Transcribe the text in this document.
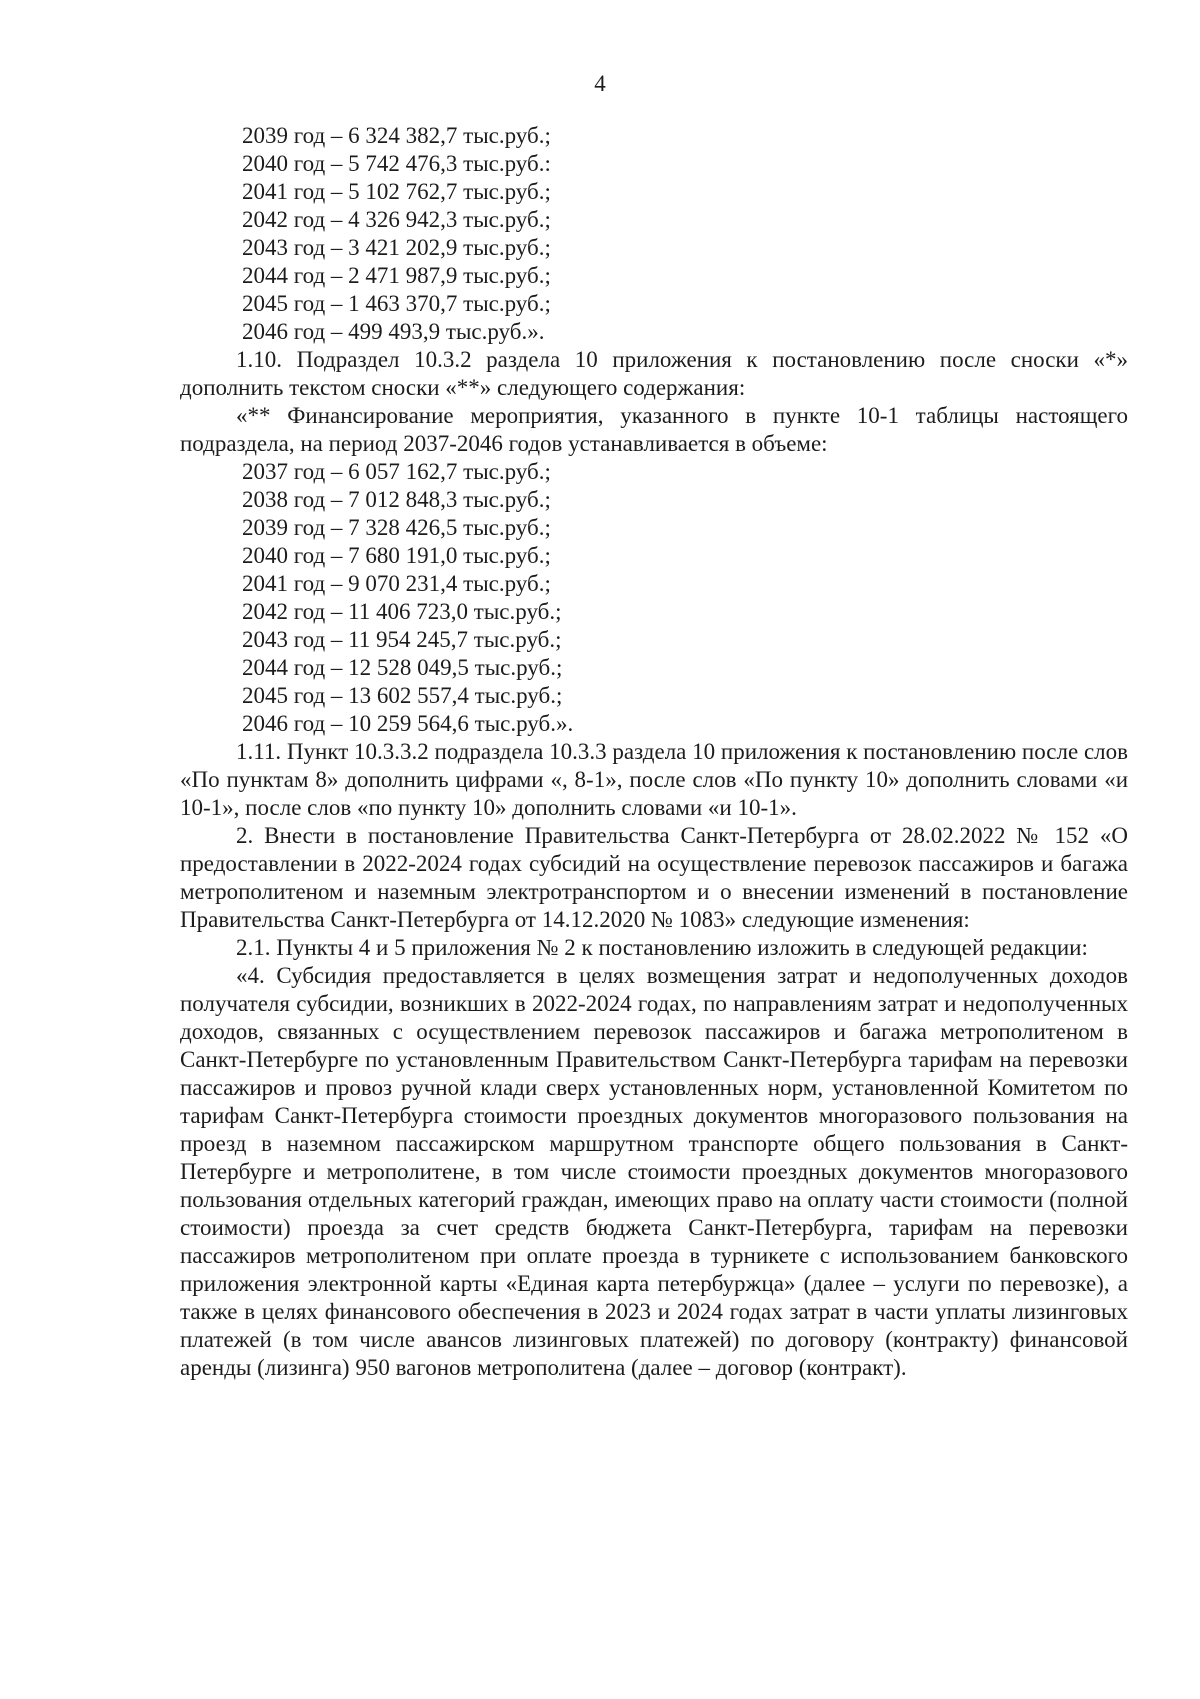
4
2039 год – 6 324 382,7 тыс.руб.;
2040 год – 5 742 476,3 тыс.руб.:
2041 год – 5 102 762,7 тыс.руб.;
2042 год – 4 326 942,3 тыс.руб.;
2043 год – 3 421 202,9 тыс.руб.;
2044 год – 2 471 987,9 тыс.руб.;
2045 год – 1 463 370,7 тыс.руб.;
2046 год – 499 493,9 тыс.руб.».

1.10. Подраздел 10.3.2 раздела 10 приложения к постановлению после сноски «*» дополнить текстом сноски «**» следующего содержания:

«** Финансирование мероприятия, указанного в пункте 10-1 таблицы настоящего подраздела, на период 2037-2046 годов устанавливается в объеме:

2037 год – 6 057 162,7 тыс.руб.;
2038 год – 7 012 848,3 тыс.руб.;
2039 год – 7 328 426,5 тыс.руб.;
2040 год – 7 680 191,0 тыс.руб.;
2041 год – 9 070 231,4 тыс.руб.;
2042 год – 11 406 723,0 тыс.руб.;
2043 год – 11 954 245,7 тыс.руб.;
2044 год – 12 528 049,5 тыс.руб.;
2045 год – 13 602 557,4 тыс.руб.;
2046 год – 10 259 564,6 тыс.руб.».

1.11. Пункт 10.3.3.2 подраздела 10.3.3 раздела 10 приложения к постановлению после слов «По пунктам 8» дополнить цифрами «, 8-1», после слов «По пункту 10» дополнить словами «и 10-1», после слов «по пункту 10» дополнить словами «и 10-1».

2. Внести в постановление Правительства Санкт-Петербурга от 28.02.2022 № 152 «О предоставлении в 2022-2024 годах субсидий на осуществление перевозок пассажиров и багажа метрополитеном и наземным электротранспортом и о внесении изменений в постановление Правительства Санкт-Петербурга от 14.12.2020 № 1083» следующие изменения:

2.1. Пункты 4 и 5 приложения № 2 к постановлению изложить в следующей редакции:

«4. Субсидия предоставляется в целях возмещения затрат и недополученных доходов получателя субсидии, возникших в 2022-2024 годах, по направлениям затрат и недополученных доходов, связанных с осуществлением перевозок пассажиров и багажа метрополитеном в Санкт-Петербурге по установленным Правительством Санкт-Петербурга тарифам на перевозки пассажиров и провоз ручной клади сверх установленных норм, установленной Комитетом по тарифам Санкт-Петербурга стоимости проездных документов многоразового пользования на проезд в наземном пассажирском маршрутном транспорте общего пользования в Санкт-Петербурге и метрополитене, в том числе стоимости проездных документов многоразового пользования отдельных категорий граждан, имеющих право на оплату части стоимости (полной стоимости) проезда за счет средств бюджета Санкт-Петербурга, тарифам на перевозки пассажиров метрополитеном при оплате проезда в турникете с использованием банковского приложения электронной карты «Единая карта петербуржца» (далее – услуги по перевозке), а также в целях финансового обеспечения в 2023 и 2024 годах затрат в части уплаты лизинговых платежей (в том числе авансов лизинговых платежей) по договору (контракту) финансовой аренды (лизинга) 950 вагонов метрополитена (далее – договор (контракт).
